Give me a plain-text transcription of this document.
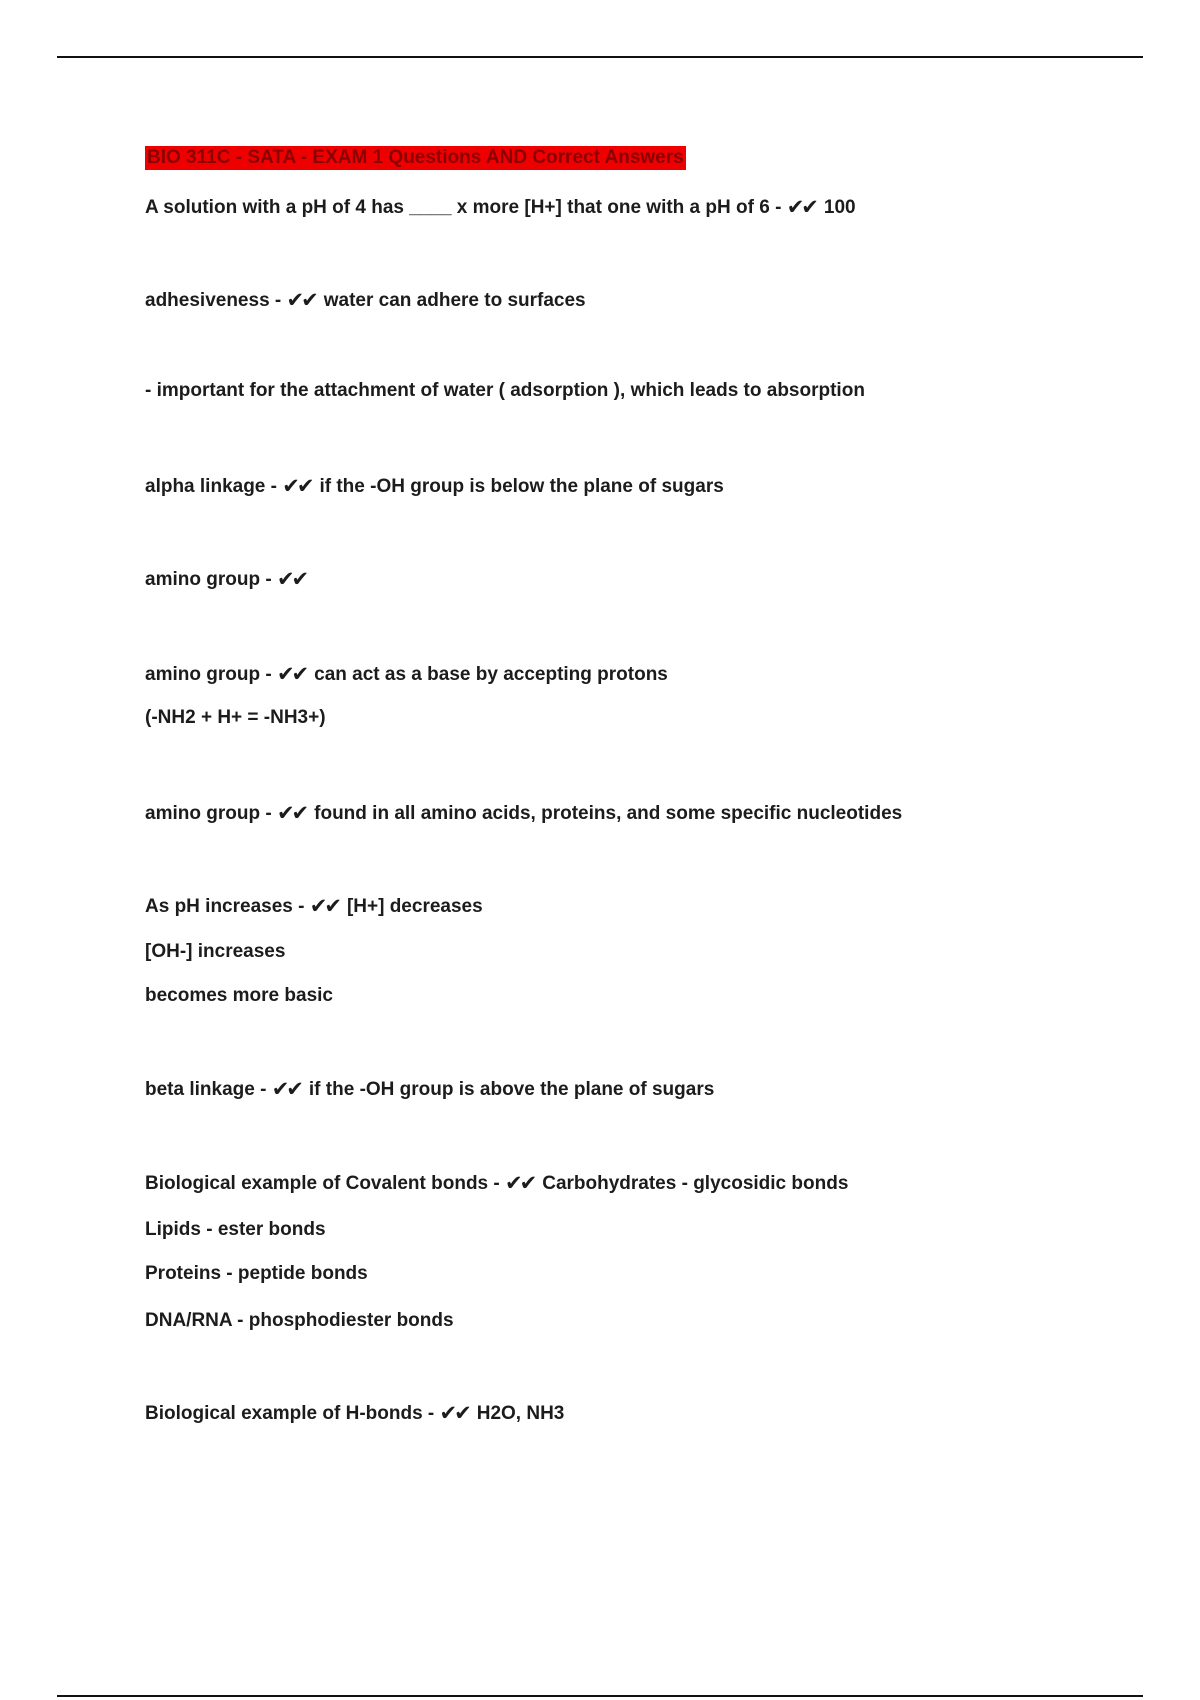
BIO 311C - SATA - EXAM 1 Questions AND Correct Answers
A solution with a pH of 4 has ____ x more [H+] that one with a pH of 6 - ✔✔ 100
adhesiveness - ✔✔ water can adhere to surfaces
- important for the attachment of water ( adsorption ), which leads to absorption
alpha linkage - ✔✔ if the -OH group is below the plane of sugars
amino group - ✔✔
amino group - ✔✔ can act as a base by accepting protons
(-NH2 + H+ = -NH3+)
amino group - ✔✔ found in all amino acids, proteins, and some specific nucleotides
As pH increases - ✔✔ [H+] decreases
[OH-] increases
becomes more basic
beta linkage - ✔✔ if the -OH group is above the plane of sugars
Biological example of Covalent bonds - ✔✔ Carbohydrates - glycosidic bonds
Lipids - ester bonds
Proteins - peptide bonds
DNA/RNA - phosphodiester bonds
Biological example of H-bonds - ✔✔ H2O, NH3
